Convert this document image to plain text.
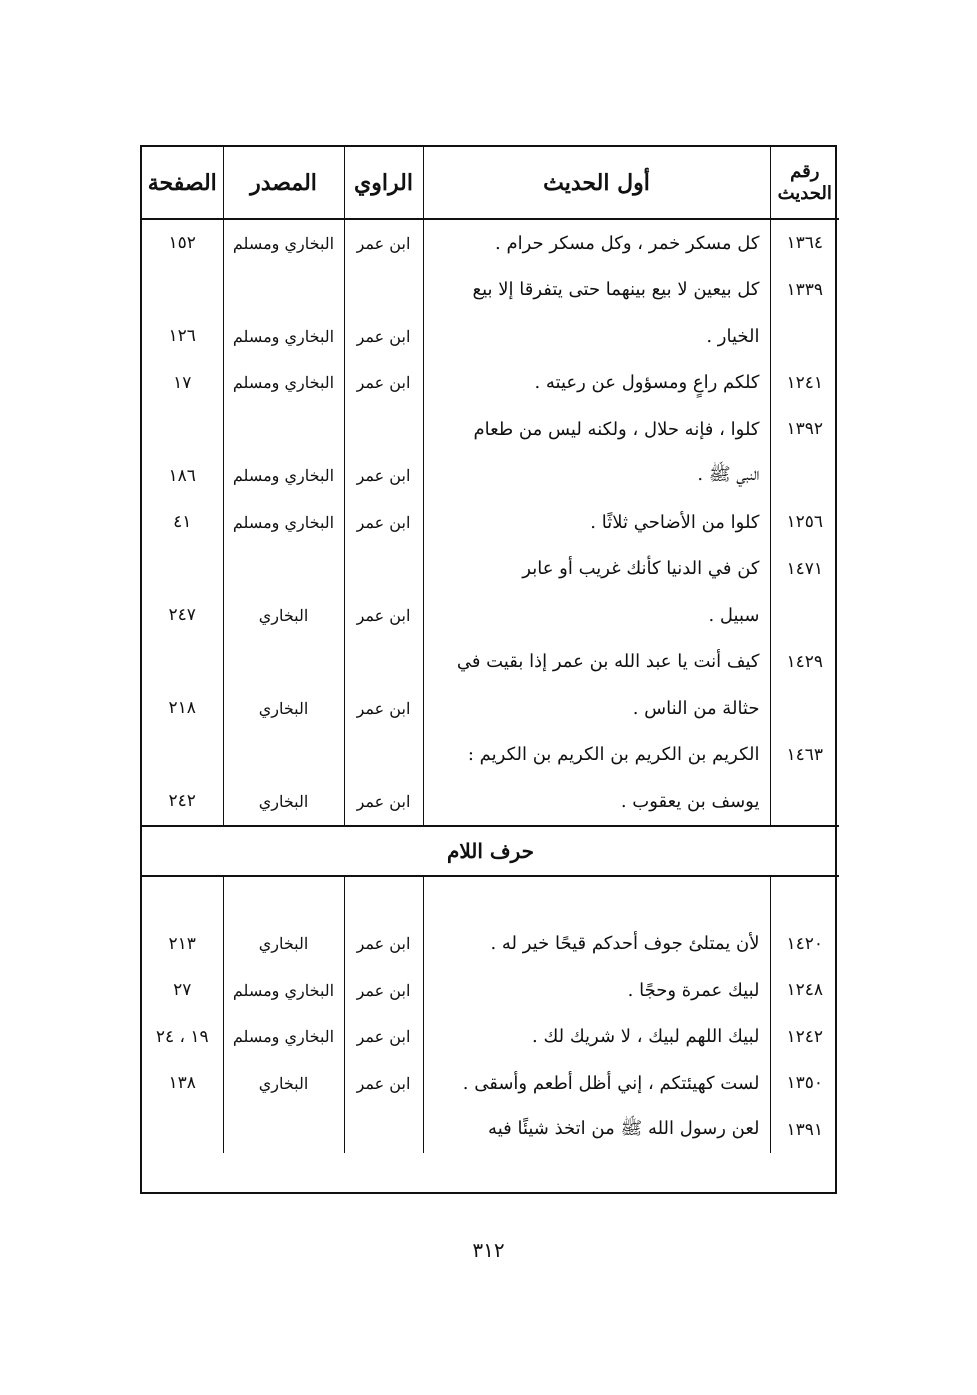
رقم الحديث	أول الحديث	الراوي	المصدر	الصفحة
١٣٦٤	كل مسكر خمر ، وكل مسكر حرام .	ابن عمر	البخاري ومسلم	١٥٢
١٣٣٩	كل بيعين لا بيع بينهما حتى يتفرقا إلا بيع			
	الخيار .	ابن عمر	البخاري ومسلم	١٢٦
١٢٤١	كلكم راعٍ ومسؤول عن رعيته .	ابن عمر	البخاري ومسلم	١٧
١٣٩٢	كلوا ، فإنه حلال ، ولكنه ليس من طعام			
	النبي ﷺ .	ابن عمر	البخاري ومسلم	١٨٦
١٢٥٦	كلوا من الأضاحي ثلاثًا .	ابن عمر	البخاري ومسلم	٤١
١٤٧١	كن في الدنيا كأنك غريب أو عابر			
	سبيل .	ابن عمر	البخاري	٢٤٧
١٤٢٩	كيف أنت يا عبد الله بن عمر إذا بقيت في			
	حثالة من الناس .	ابن عمر	البخاري	٢١٨
١٤٦٣	الكريم بن الكريم بن الكريم بن الكريم :			
	يوسف بن يعقوب .	ابن عمر	البخاري	٢٤٢
حرف اللام				

١٤٢٠	لأن يمتلئ جوف أحدكم قيحًا خير له .	ابن عمر	البخاري	٢١٣
١٢٤٨	لبيك عمرة وحجًا .	ابن عمر	البخاري ومسلم	٢٧
١٢٤٢	لبيك اللهم لبيك ، لا شريك لك .	ابن عمر	البخاري ومسلم	١٩ ، ٢٤
١٣٥٠	لست كهيئتكم ، إني أظل أطعم وأسقى .	ابن عمر	البخاري	١٣٨
١٣٩١	لعن رسول الله ﷺ من اتخذ شيئًا فيه			
٣١٢
